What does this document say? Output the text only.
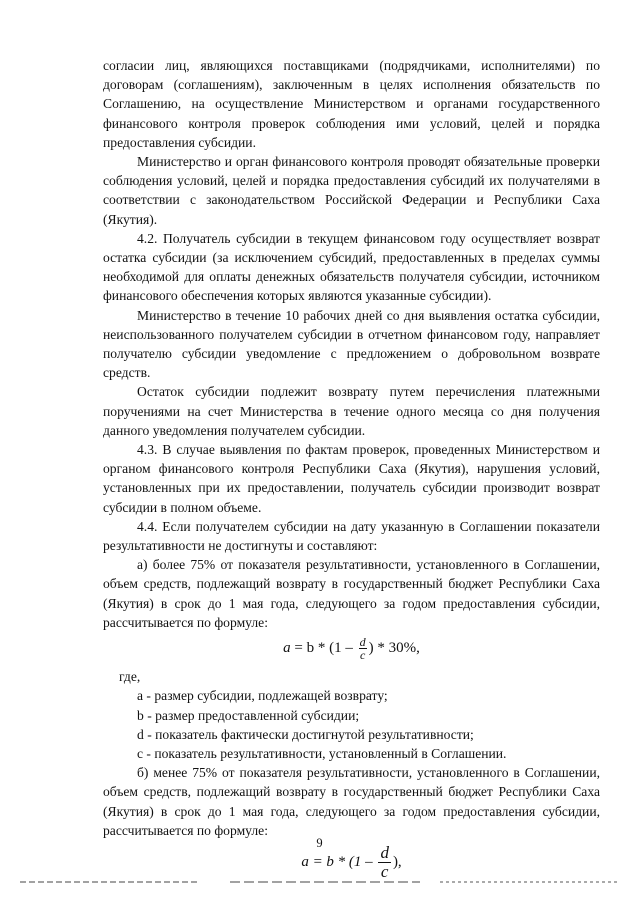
согласии лиц, являющихся поставщиками (подрядчиками, исполнителями) по договорам (соглашениям), заключенным в целях исполнения обязательств по Соглашению, на осуществление Министерством и органами государственного финансового контроля проверок соблюдения ими условий, целей и порядка предоставления субсидии.

Министерство и орган финансового контроля проводят обязательные проверки соблюдения условий, целей и порядка предоставления субсидий их получателями в соответствии с законодательством Российской Федерации и Республики Саха (Якутия).

4.2. Получатель субсидии в текущем финансовом году осуществляет возврат остатка субсидии (за исключением субсидий, предоставленных в пределах суммы необходимой для оплаты денежных обязательств получателя субсидии, источником финансового обеспечения которых являются указанные субсидии).

Министерство в течение 10 рабочих дней со дня выявления остатка субсидии, неиспользованного получателем субсидии в отчетном финансовом году, направляет получателю субсидии уведомление с предложением о добровольном возврате средств.

Остаток субсидии подлежит возврату путем перечисления платежными поручениями на счет Министерства в течение одного месяца со дня получения данного уведомления получателем субсидии.

4.3. В случае выявления по фактам проверок, проведенных Министерством и органом финансового контроля Республики Саха (Якутия), нарушения условий, установленных при их предоставлении, получатель субсидии производит возврат субсидии в полном объеме.

4.4. Если получателем субсидии на дату указанную в Соглашении показатели результативности не достигнуты и составляют:

а) более 75% от показателя результативности, установленного в Соглашении, объем средств, подлежащий возврату в государственный бюджет Республики Саха (Якутия) в срок до 1 мая года, следующего за годом предоставления субсидии, рассчитывается по формуле:

$a = b * (1 - \frac{d}{c}$ ) * 30%,
где,
а - размер субсидии, подлежащей возврату;
b - размер предоставленной субсидии;
d - показатель фактически достигнутой результативности;
с - показатель результативности, установленный в Соглашении.

б) менее 75% от показателя результативности, установленного в Соглашении, объем средств, подлежащий возврату в государственный бюджет Республики Саха (Якутия) в срок до 1 мая года, следующего за годом предоставления субсидии, рассчитывается по формуле:

$a = b * (1 - \frac{d}{c}$ ),
9
